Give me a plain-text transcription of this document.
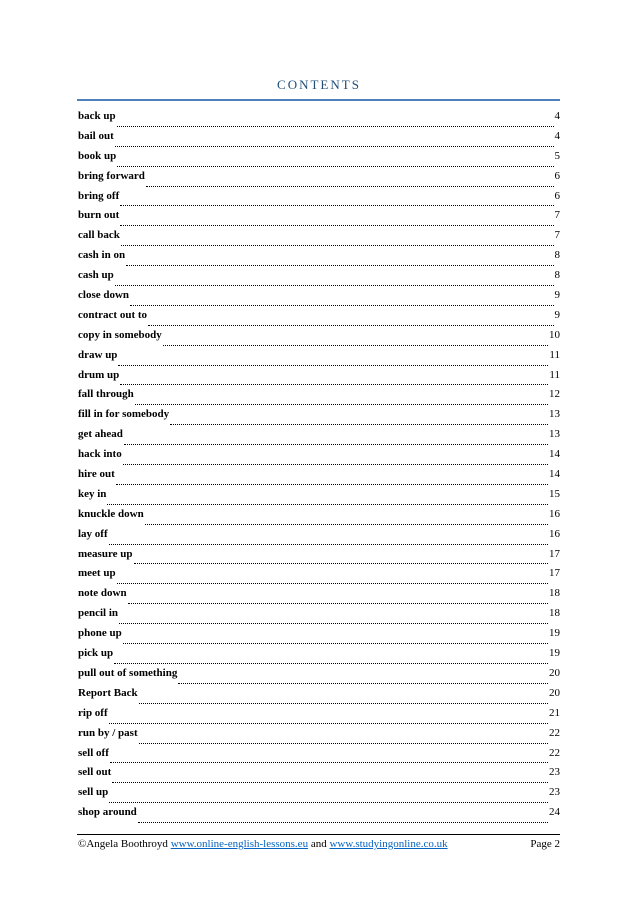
CONTENTS
back up	4
bail out	4
book up	5
bring forward	6
bring off	6
burn out	7
call back	7
cash in on	8
cash up	8
close down	9
contract out to	9
copy in somebody	10
draw up	11
drum up	11
fall through	12
fill in for somebody	13
get ahead	13
hack into	14
hire out	14
key in	15
knuckle down	16
lay off	16
measure up	17
meet up	17
note down	18
pencil in	18
phone up	19
pick up	19
pull out of something	20
Report Back	20
rip off	21
run by / past	22
sell off	22
sell out	23
sell up	23
shop around	24
©Angela Boothroyd www.online-english-lessons.eu and www.studyingonline.co.uk	Page 2
